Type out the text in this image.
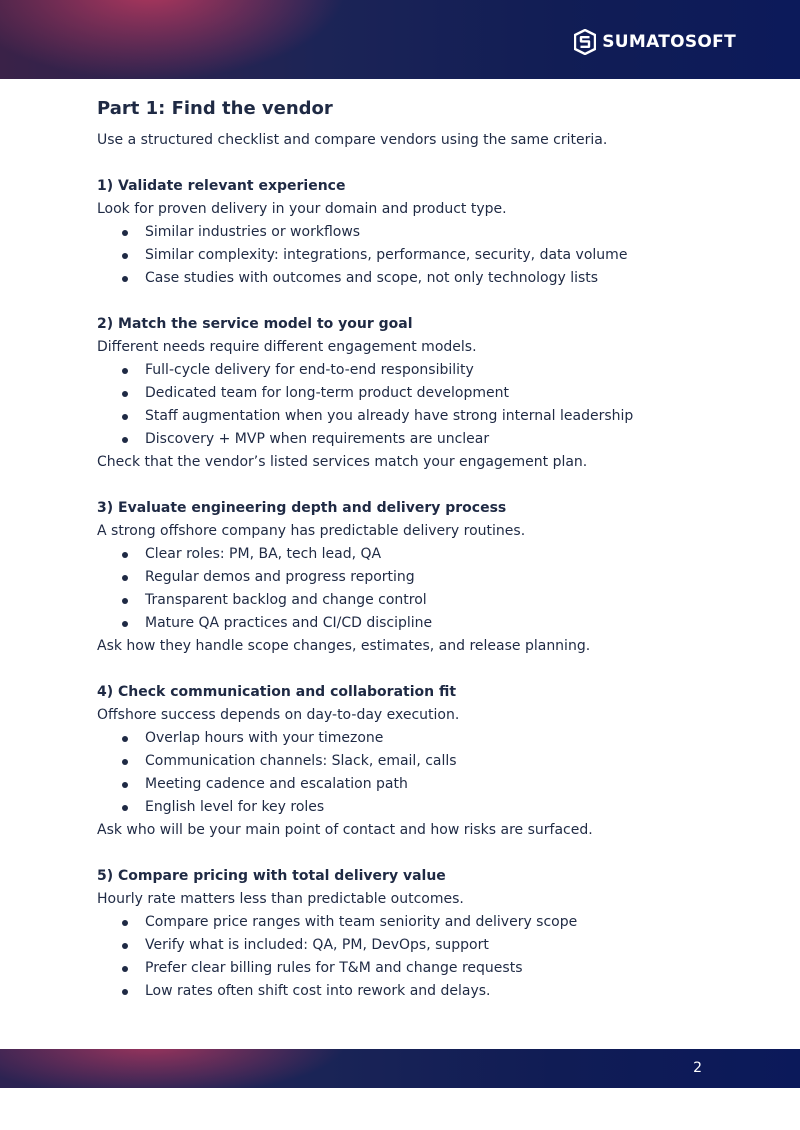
SUMATOSOFT
Part 1: Find the vendor
Use a structured checklist and compare vendors using the same criteria.
1) Validate relevant experience
Look for proven delivery in your domain and product type.
Similar industries or workflows
Similar complexity: integrations, performance, security, data volume
Case studies with outcomes and scope, not only technology lists
2) Match the service model to your goal
Different needs require different engagement models.
Full-cycle delivery for end-to-end responsibility
Dedicated team for long-term product development
Staff augmentation when you already have strong internal leadership
Discovery + MVP when requirements are unclear
Check that the vendor’s listed services match your engagement plan.
3) Evaluate engineering depth and delivery process
A strong offshore company has predictable delivery routines.
Clear roles: PM, BA, tech lead, QA
Regular demos and progress reporting
Transparent backlog and change control
Mature QA practices and CI/CD discipline
Ask how they handle scope changes, estimates, and release planning.
4) Check communication and collaboration fit
Offshore success depends on day-to-day execution.
Overlap hours with your timezone
Communication channels: Slack, email, calls
Meeting cadence and escalation path
English level for key roles
Ask who will be your main point of contact and how risks are surfaced.
5) Compare pricing with total delivery value
Hourly rate matters less than predictable outcomes.
Compare price ranges with team seniority and delivery scope
Verify what is included: QA, PM, DevOps, support
Prefer clear billing rules for T&M and change requests
Low rates often shift cost into rework and delays.
2
